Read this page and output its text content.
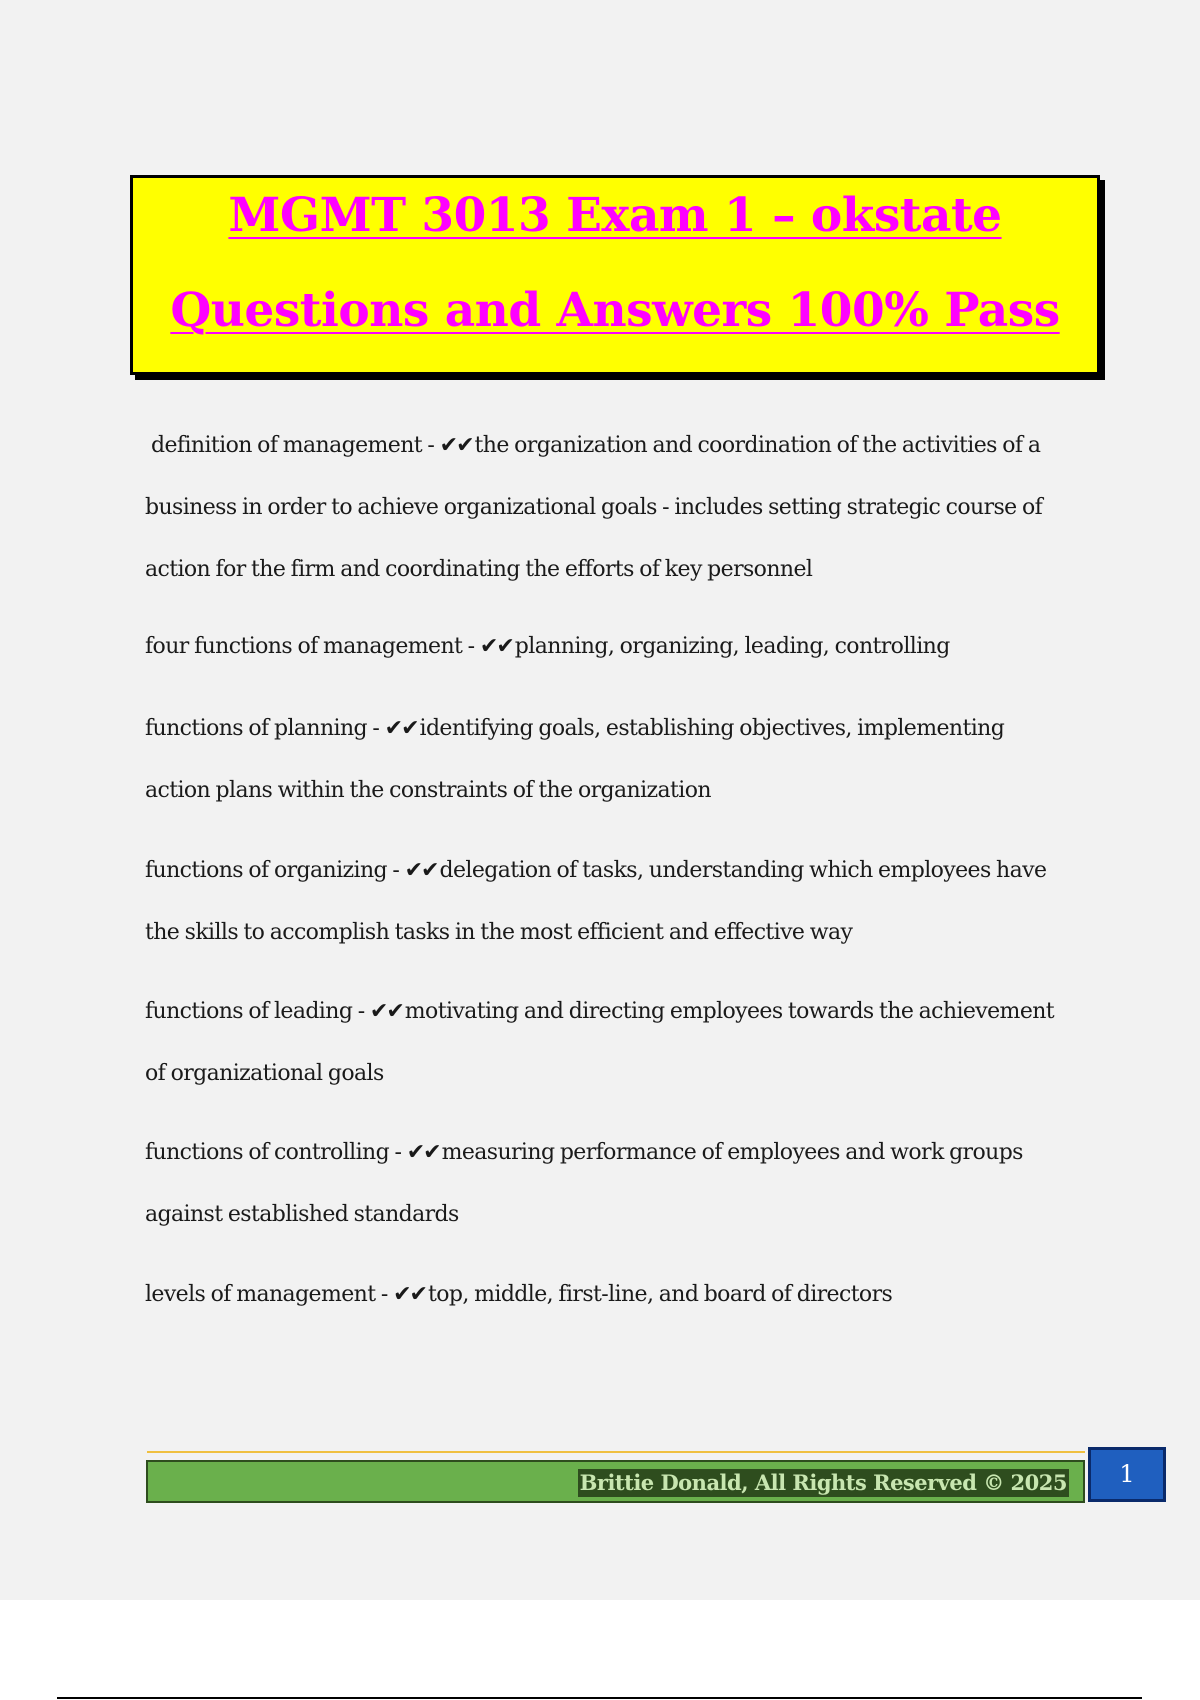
MGMT 3013 Exam 1 – okstate
Questions and Answers 100% Pass
definition of management - ✔✔the organization and coordination of the activities of a
business in order to achieve organizational goals - includes setting strategic course of
action for the firm and coordinating the efforts of key personnel
four functions of management - ✔✔planning, organizing, leading, controlling
functions of planning - ✔✔identifying goals, establishing objectives, implementing
action plans within the constraints of the organization
functions of organizing - ✔✔delegation of tasks, understanding which employees have
the skills to accomplish tasks in the most efficient and effective way
functions of leading - ✔✔motivating and directing employees towards the achievement
of organizational goals
functions of controlling - ✔✔measuring performance of employees and work groups
against established standards
levels of management - ✔✔top, middle, first-line, and board of directors
Brittie Donald, All Rights Reserved © 2025	1
